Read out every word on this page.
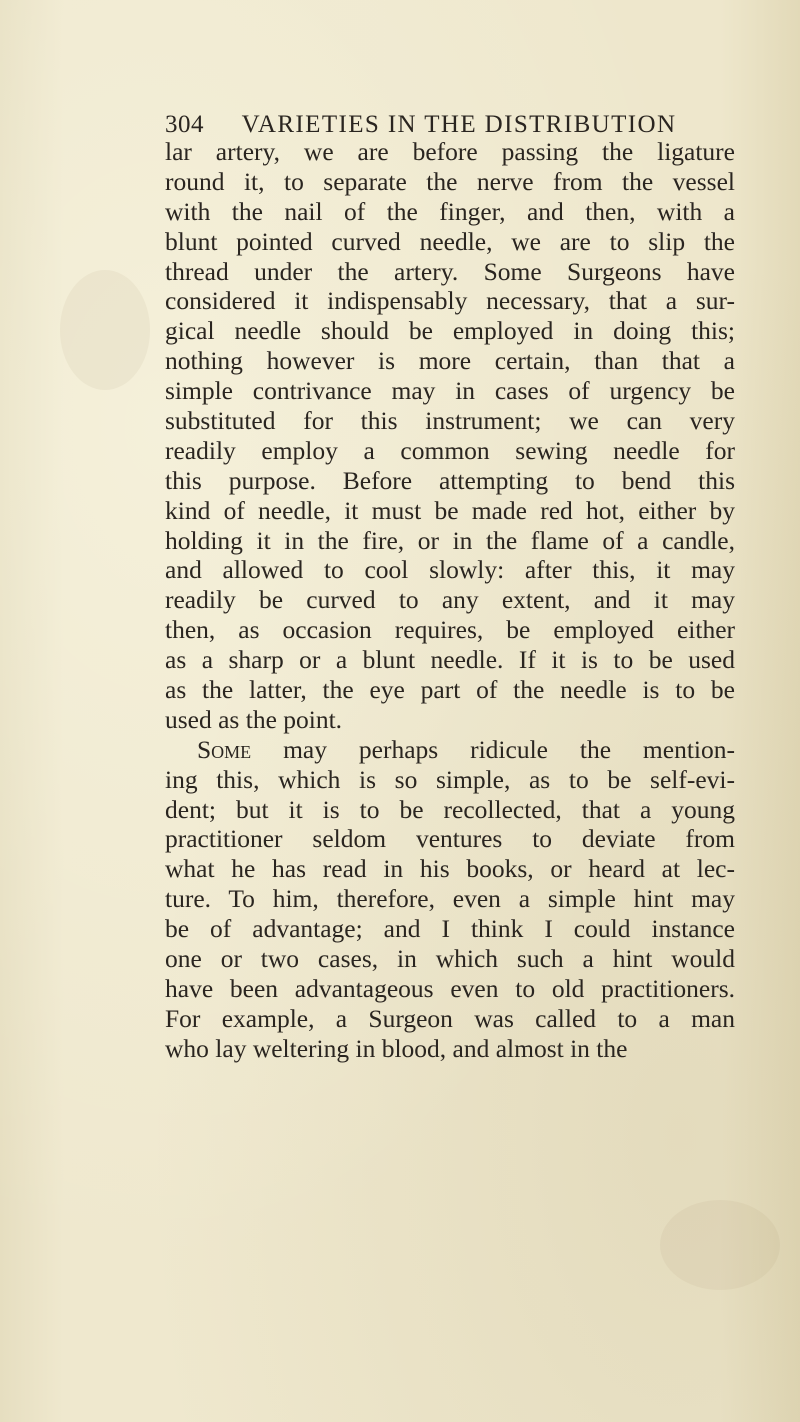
304 VARIETIES IN THE DISTRIBUTION
lar artery, we are before passing the ligature
round it, to separate the nerve from the vessel
with the nail of the finger, and then, with a
blunt pointed curved needle, we are to slip the
thread under the artery. Some Surgeons have
considered it indispensably necessary, that a sur-
gical needle should be employed in doing this;
nothing however is more certain, than that a
simple contrivance may in cases of urgency be
substituted for this instrument; we can very
readily employ a common sewing needle for
this purpose. Before attempting to bend this
kind of needle, it must be made red hot, either by
holding it in the fire, or in the flame of a candle,
and allowed to cool slowly: after this, it may
readily be curved to any extent, and it may
then, as occasion requires, be employed either
as a sharp or a blunt needle. If it is to be used
as the latter, the eye part of the needle is to be
used as the point.
Some may perhaps ridicule the mention-
ing this, which is so simple, as to be self-evi-
dent; but it is to be recollected, that a young
practitioner seldom ventures to deviate from
what he has read in his books, or heard at lec-
ture. To him, therefore, even a simple hint may
be of advantage; and I think I could instance
one or two cases, in which such a hint would
have been advantageous even to old practitioners.
For example, a Surgeon was called to a man
who lay weltering in blood, and almost in the
